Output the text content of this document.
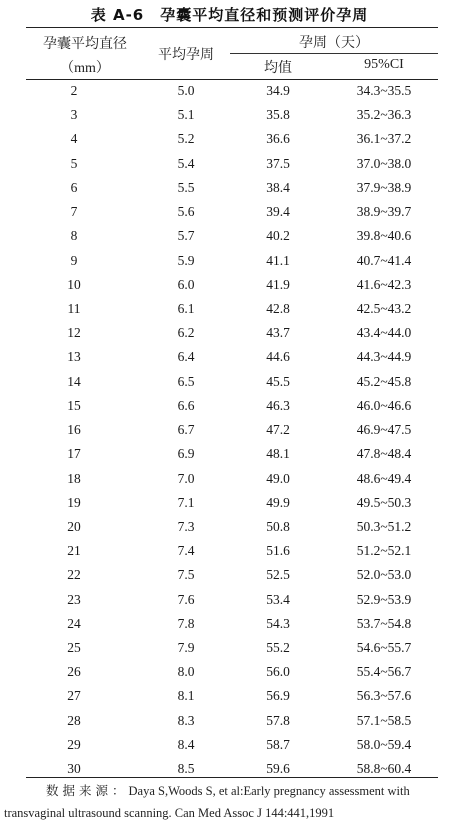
表 A-6　孕囊平均直径和预测评价孕周
孕囊平均直径
（mm）
平均孕周
孕周（天）
均值	95%CI
2	5.0	34.9	34.3~35.5
3	5.1	35.8	35.2~36.3
4	5.2	36.6	36.1~37.2
5	5.4	37.5	37.0~38.0
6	5.5	38.4	37.9~38.9
7	5.6	39.4	38.9~39.7
8	5.7	40.2	39.8~40.6
9	5.9	41.1	40.7~41.4
10	6.0	41.9	41.6~42.3
11	6.1	42.8	42.5~43.2
12	6.2	43.7	43.4~44.0
13	6.4	44.6	44.3~44.9
14	6.5	45.5	45.2~45.8
15	6.6	46.3	46.0~46.6
16	6.7	47.2	46.9~47.5
17	6.9	48.1	47.8~48.4
18	7.0	49.0	48.6~49.4
19	7.1	49.9	49.5~50.3
20	7.3	50.8	50.3~51.2
21	7.4	51.6	51.2~52.1
22	7.5	52.5	52.0~53.0
23	7.6	53.4	52.9~53.9
24	7.8	54.3	53.7~54.8
25	7.9	55.2	54.6~55.7
26	8.0	56.0	55.4~56.7
27	8.1	56.9	56.3~57.6
28	8.3	57.8	57.1~58.5
29	8.4	58.7	58.0~59.4
30	8.5	59.6	58.8~60.4
数据来源：Daya S,Woods S, et al:Early pregnancy assessment with
transvaginal ultrasound scanning. Can Med Assoc J 144:441,1991
